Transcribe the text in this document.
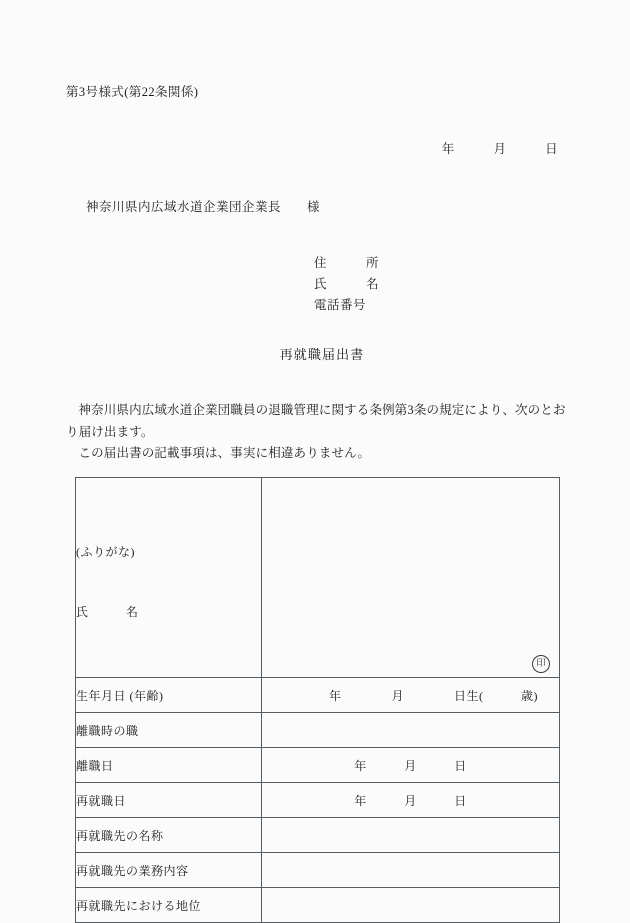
第3号様式(第22条関係)
年　　　月　　　日
神奈川県内広域水道企業団企業長　　様
住　　　所
氏　　　名
電話番号
再就職届出書

神奈川県内広域水道企業団職員の退職管理に関する条例第3条の規定により、次のとおり届け出ます。

この届出書の記載事項は、事実に相違ありません。

(ふりがな)

氏　　　名	印

生年月日 (年齢)	年　　　　月　　　　日生(　　　歳)

離職時の職	

離職日	年　　　月　　　日

再就職日	年　　　月　　　日

再就職先の名称	

再就職先の業務内容	

再就職先における地位	
